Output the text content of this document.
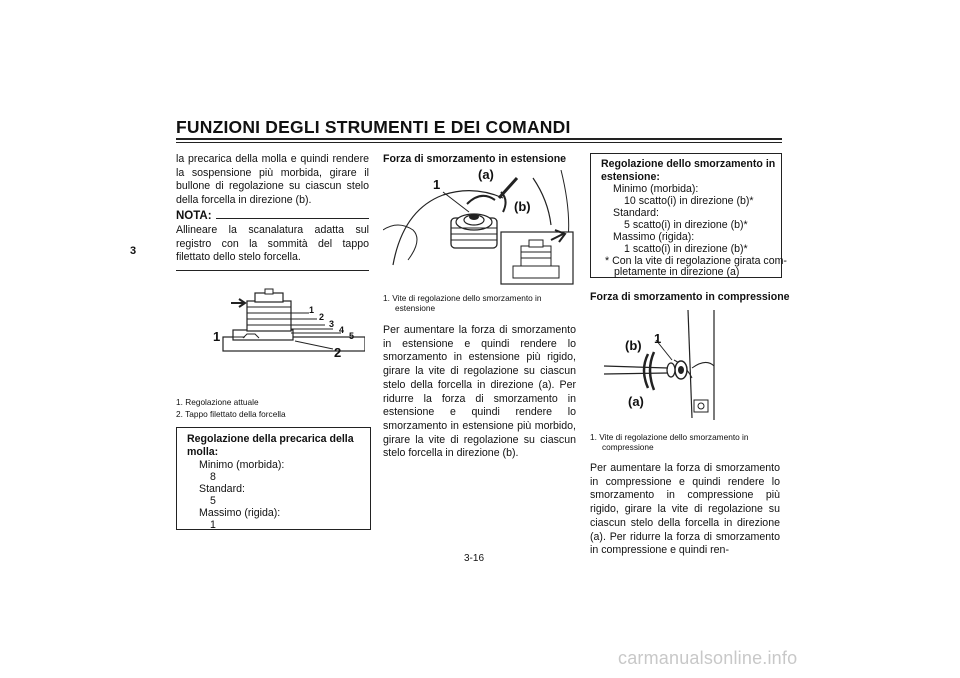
FUNZIONI DEGLI STRUMENTI E DEI COMANDI
3
la precarica della molla e quindi rendere la sospensione più morbida, girare il bullone di regolazione su ciascun stelo della forcella in direzione (b).
NOTA:
Allineare la scanalatura adatta sul registro con la sommità del tappo filettato dello stelo forcella.
1
2
3
4
5
1
2
1. Regolazione attuale
2. Tappo filettato della forcella
Regolazione della precarica della molla:
Minimo (morbida):
8
Standard:
5
Massimo (rigida):
1
Forza di smorzamento in estensione
1
(a)
(b)
1. Vite di regolazione dello smorzamento in
estensione
Per aumentare la forza di smorzamento in estensione e quindi rendere lo smorzamento in estensione più rigido, girare la vite di regolazione su ciascun stelo della forcella in direzione (a). Per ridurre la forza di smorzamento in estensione e quindi rendere lo smorzamento in estensione più morbido, girare la vite di regolazione su ciascun stelo forcella in direzione (b).
Regolazione dello smorzamento in estensione:
Minimo (morbida):
10 scatto(i) in direzione (b)*
Standard:
5 scatto(i) in direzione (b)*
Massimo (rigida):
1 scatto(i) in direzione (b)*
* Con la vite di regolazione girata com-
pletamente in direzione (a)
Forza di smorzamento in compressione
1
(b)
(a)
1. Vite di regolazione dello smorzamento in
compressione
Per aumentare la forza di smorzamento in compressione e quindi rendere lo smorzamento in compressione più rigido, girare la vite di regolazione su ciascun stelo della forcella in direzione (a). Per ridurre la forza di smorzamento in compressione e quindi ren-
3-16
carmanualsonline.info
